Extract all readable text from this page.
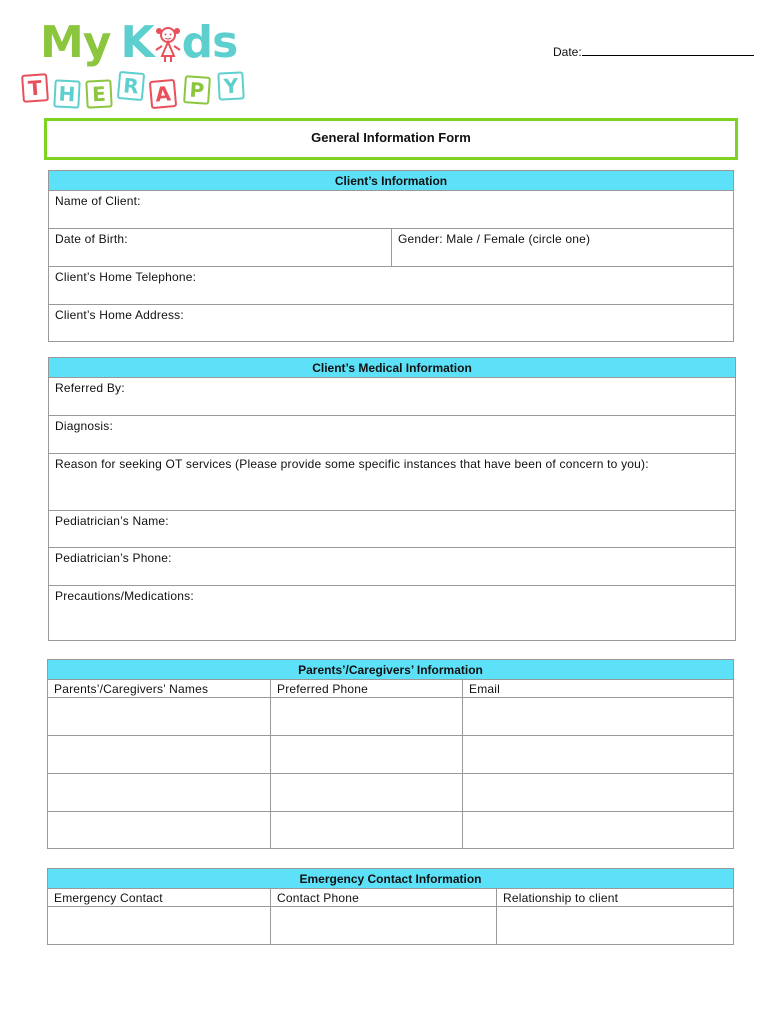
My K ds
T H E R A P Y
Date:
General Information Form
Client’s Information
Name of Client:
Date of Birth:	Gender: Male / Female (circle one)
Client’s Home Telephone:
Client’s Home Address:
Client’s Medical Information
Referred By:
Diagnosis:
Reason for seeking OT services (Please provide some specific instances that have been of concern to you):
Pediatrician’s Name:
Pediatrician’s Phone:
Precautions/Medications:
Parents’/Caregivers’ Information
Parents’/Caregivers’ Names	Preferred Phone	Email
Emergency Contact Information
Emergency Contact	Contact Phone	Relationship to client
